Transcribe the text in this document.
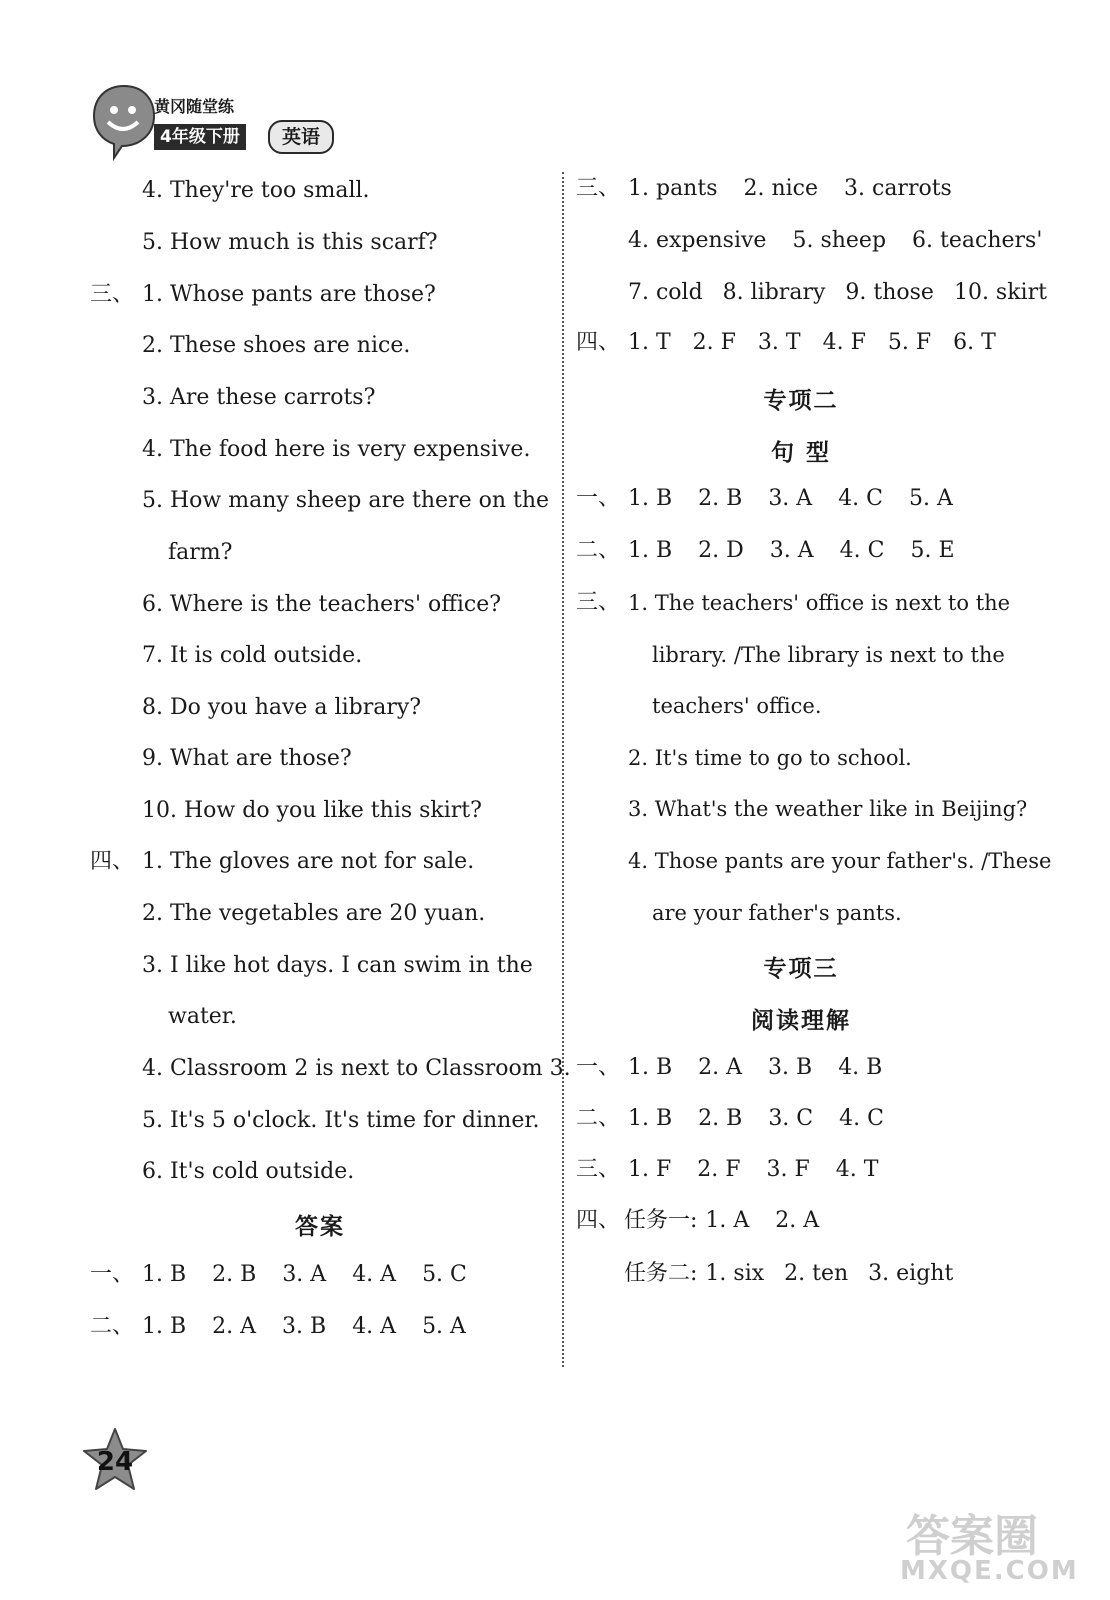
黄冈随堂练
4年级下册	英语
4. They're too small.
5. How much is this scarf?
三、 1. Whose pants are those?
2. These shoes are nice.
3. Are these carrots?
4. The food here is very expensive.
5. How many sheep are there on the
farm?
6. Where is the teachers' office?
7. It is cold outside.
8. Do you have a library?
9. What are those?
10. How do you like this skirt?
四、 1. The gloves are not for sale.
2. The vegetables are 20 yuan.
3. I like hot days. I can swim in the
water.
4. Classroom 2 is next to Classroom 3.
5. It's 5 o'clock. It's time for dinner.
6. It's cold outside.
答案
一、 1. B 2. B 3. A 4. A 5. C
二、 1. B 2. A 3. B 4. A 5. A
三、 1. pants 2. nice 3. carrots
4. expensive 5. sheep 6. teachers'
7. cold 8. library 9. those 10. skirt
四、 1. T 2. F 3. T 4. F 5. F 6. T
专项二
句 型
一、 1. B 2. B 3. A 4. C 5. A
二、 1. B 2. D 3. A 4. C 5. E
三、 1. The teachers' office is next to the
library. /The library is next to the
teachers' office.
2. It's time to go to school.
3. What's the weather like in Beijing?
4. Those pants are your father's. /These
are your father's pants.
专项三
阅读理解
一、 1. B 2. A 3. B 4. B
二、 1. B 2. B 3. C 4. C
三、 1. F 2. F 3. F 4. T
四、 任务一: 1. A 2. A
任务二: 1. six 2. ten 3. eight
24
答案圈
MXQE.COM
